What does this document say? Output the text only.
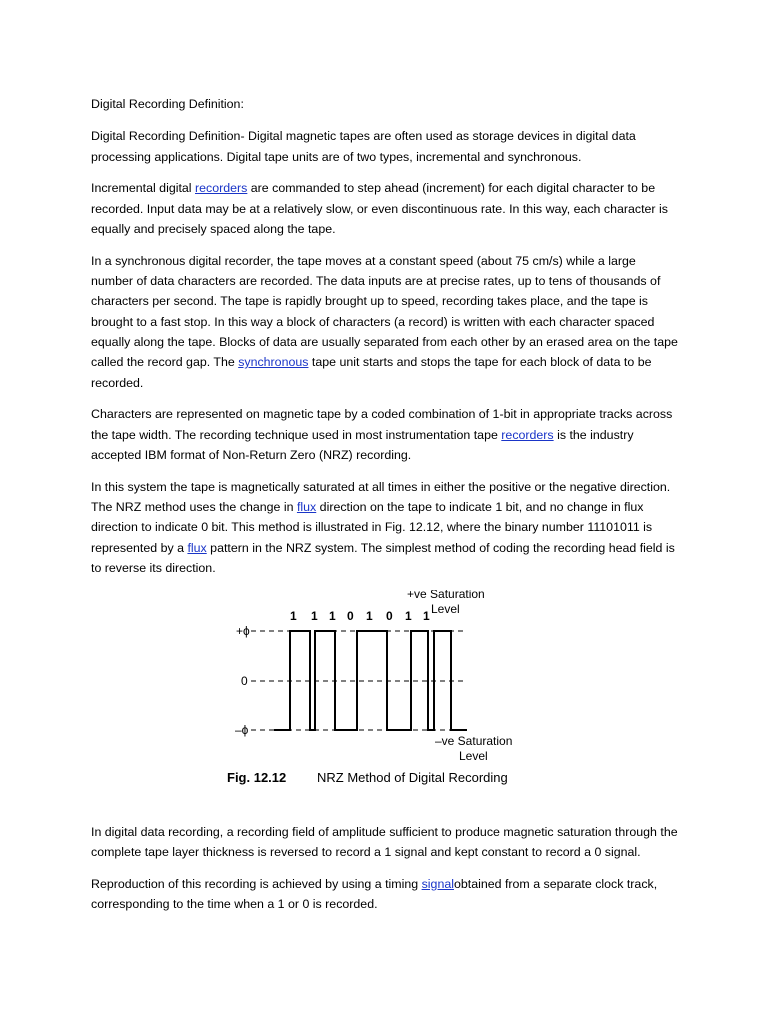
Digital Recording Definition:

Digital Recording Definition- Digital magnetic tapes are often used as storage devices in digital data processing applications. Digital tape units are of two types, incremental and synchronous.

Incremental digital recorders are commanded to step ahead (increment) for each digital character to be recorded. Input data may be at a relatively slow, or even discontinuous rate. In this way, each character is equally and precisely spaced along the tape.

In a synchronous digital recorder, the tape moves at a constant speed (about 75 cm/s) while a large number of data characters are recorded. The data inputs are at precise rates, up to tens of thousands of characters per second. The tape is rapidly brought up to speed, recording takes place, and the tape is brought to a fast stop. In this way a block of characters (a record) is written with each character spaced equally along the tape. Blocks of data are usually separated from each other by an erased area on the tape called the record gap. The synchronous tape unit starts and stops the tape for each block of data to be recorded.

Characters are represented on magnetic tape by a coded combination of 1-bit in appropriate tracks across the tape width. The recording technique used in most instrumentation tape recorders is the industry accepted IBM format of Non-Return Zero (NRZ) recording.

In this system the tape is magnetically saturated at all times in either the positive or the negative direction. The NRZ method uses the change in flux direction on the tape to indicate 1 bit, and no change in flux direction to indicate 0 bit. This method is illustrated in Fig. 12.12, where the binary number 11101011 is represented by a flux pattern in the NRZ system. The simplest method of coding the recording head field is to reverse its direction.

+ϕ
0
–ϕ
1 1 1 0 1 0 1 1
+ve Saturation
Level
–ve Saturation
Level
Fig. 12.12 NRZ Method of Digital Recording

In digital data recording, a recording field of amplitude sufficient to produce magnetic saturation through the complete tape layer thickness is reversed to record a 1 signal and kept constant to record a 0 signal.

Reproduction of this recording is achieved by using a timing signalobtained from a separate clock track, corresponding to the time when a 1 or 0 is recorded.
